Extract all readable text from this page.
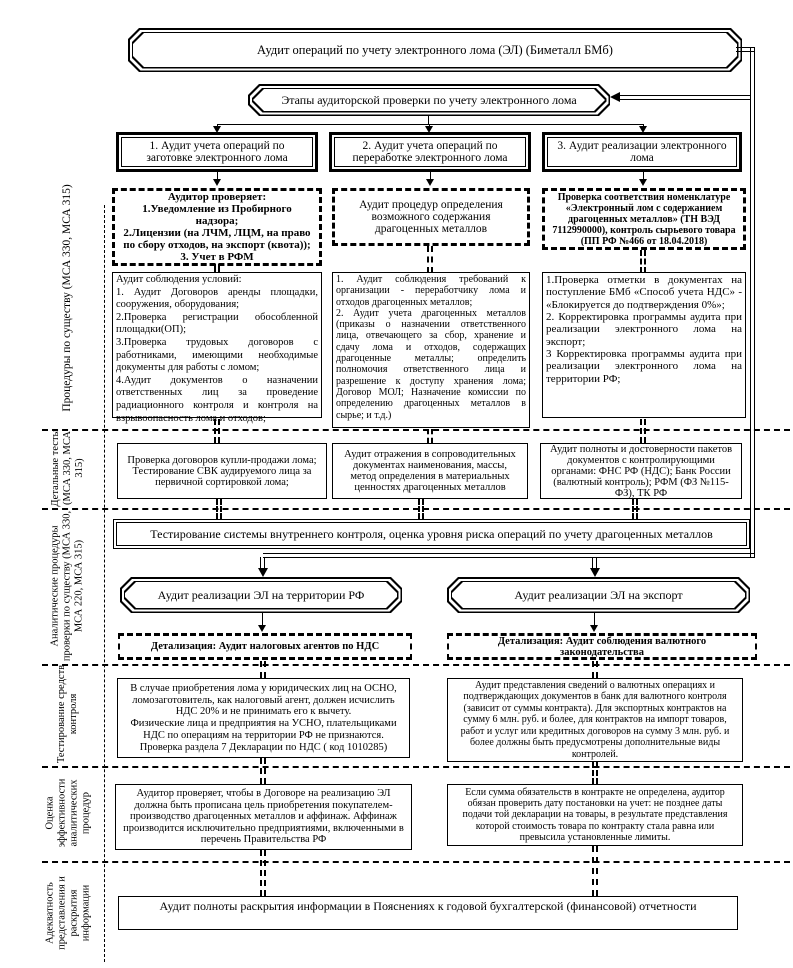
Аудит операций по учету электронного лома (ЭЛ) (Биметалл БМб)
Этапы аудиторской проверки по учету электронного лома
1. Аудит учета операций по заготовке электронного лома
2. Аудит учета операций по переработке электронного лома
3. Аудит реализации электронного лома
Аудитор проверяет:
1.Уведомление из Пробирного надзора;
2.Лицензии (на ЛЧМ, ЛЦМ, на право по сбору отходов, на экспорт (квота));
3. Учет в РФМ
Аудит процедур определения возможного содержания драгоценных металлов
Проверка соответствия номенклатуре «Электронный лом с содержанием драгоценных металлов» (ТН ВЭД 7112990000), контроль сырьевого товара (ПП РФ №466 от 18.04.2018)
Аудит соблюдения условий:
1. Аудит Договоров аренды площадки, сооружения, оборудования;
2.Проверка регистрации обособленной площадки(ОП);
3.Проверка трудовых договоров с работниками, имеющими необходимые документы для работы с ломом;
4.Аудит документов о назначении ответственных лиц за проведение радиационного контроля и контроля на взрывоопасность лома и отходов;
1. Аудит соблюдения требований к организации - переработчику лома и отходов драгоценных металлов;
2. Аудит учета драгоценных металлов (приказы о назначении ответственного лица, отвечающего за сбор, хранение и сдачу лома и отходов, содержащих драгоценные металлы; определить полномочия ответственного лица и разрешение к доступу хранения лома; Договор МОЛ; Назначение комиссии по определению драгоценных металлов в сырье; и т.д.)
1.Проверка отметки в документах на поступление БМб «Способ учета НДС» - «Блокируется до подтверждения 0%»;
2. Корректировка программы аудита при реализации электронного лома на экспорт;
3 Корректировка программы аудита при реализации электронного лома на территории РФ;
Проверка договоров купли-продажи лома; Тестирование СВК аудируемого лица за первичной сортировкой лома;
Аудит отражения в сопроводительных документах наименования, массы, метод определения в материальных ценностях драгоценных металлов
Аудит полноты и достоверности пакетов документов с контролирующими органами: ФНС РФ (НДС); Банк России (валютный контроль); РФМ (ФЗ №115-ФЗ), ТК РФ
Тестирование системы внутреннего контроля, оценка уровня риска операций по учету драгоценных металлов
Аудит реализации ЭЛ на территории РФ	Аудит реализации ЭЛ на экспорт
Детализация: Аудит налоговых агентов по НДС	Детализация: Аудит соблюдения валютного законодательства
В случае приобретения лома у юридических лиц на ОСНО, ломозаготовитель, как налоговый агент, должен исчислить НДС 20% и не принимать его к вычету.
Физические лица и предприятия на УСНО, плательщиками НДС по операциям на территории РФ не признаются.
Проверка раздела 7 Декларации по НДС ( код 1010285)
Аудит представления сведений о валютных операциях и подтверждающих документов в банк для валютного контроля (зависит от суммы контракта). Для экспортных контрактов на сумму 6 млн. руб. и более, для контрактов на импорт товаров, работ и услуг или кредитных договоров на сумму 3 млн. руб. и более должны быть предусмотрены дополнительные виды контролей.
Аудитор проверяет, чтобы в Договоре на реализацию ЭЛ должна быть прописана цель приобретения покупателем- производство драгоценных металлов и аффинаж. Аффинаж производится исключительно предприятиями, включенными в перечень Правительства РФ
Если сумма обязательств в контракте не определена, аудитор обязан проверить дату постановки на учет: не позднее даты подачи той декларации на товары, в результате представления которой стоимость товара по контракту стала равна или превысила установленные лимиты.
Аудит полноты раскрытия информации в Пояснениях к годовой бухгалтерской (финансовой) отчетности
Процедуры по существу (МСА 330, МСА 315)
Детальные тесты (МСА 330, МСА 315)
Аналитические процедуры проверки по существу (МСА 330, МСА 220, МСА 315)
Тестирование средств контроля
Оценка эффективности аналитических процедур
Адекватность представления и раскрытия информации
